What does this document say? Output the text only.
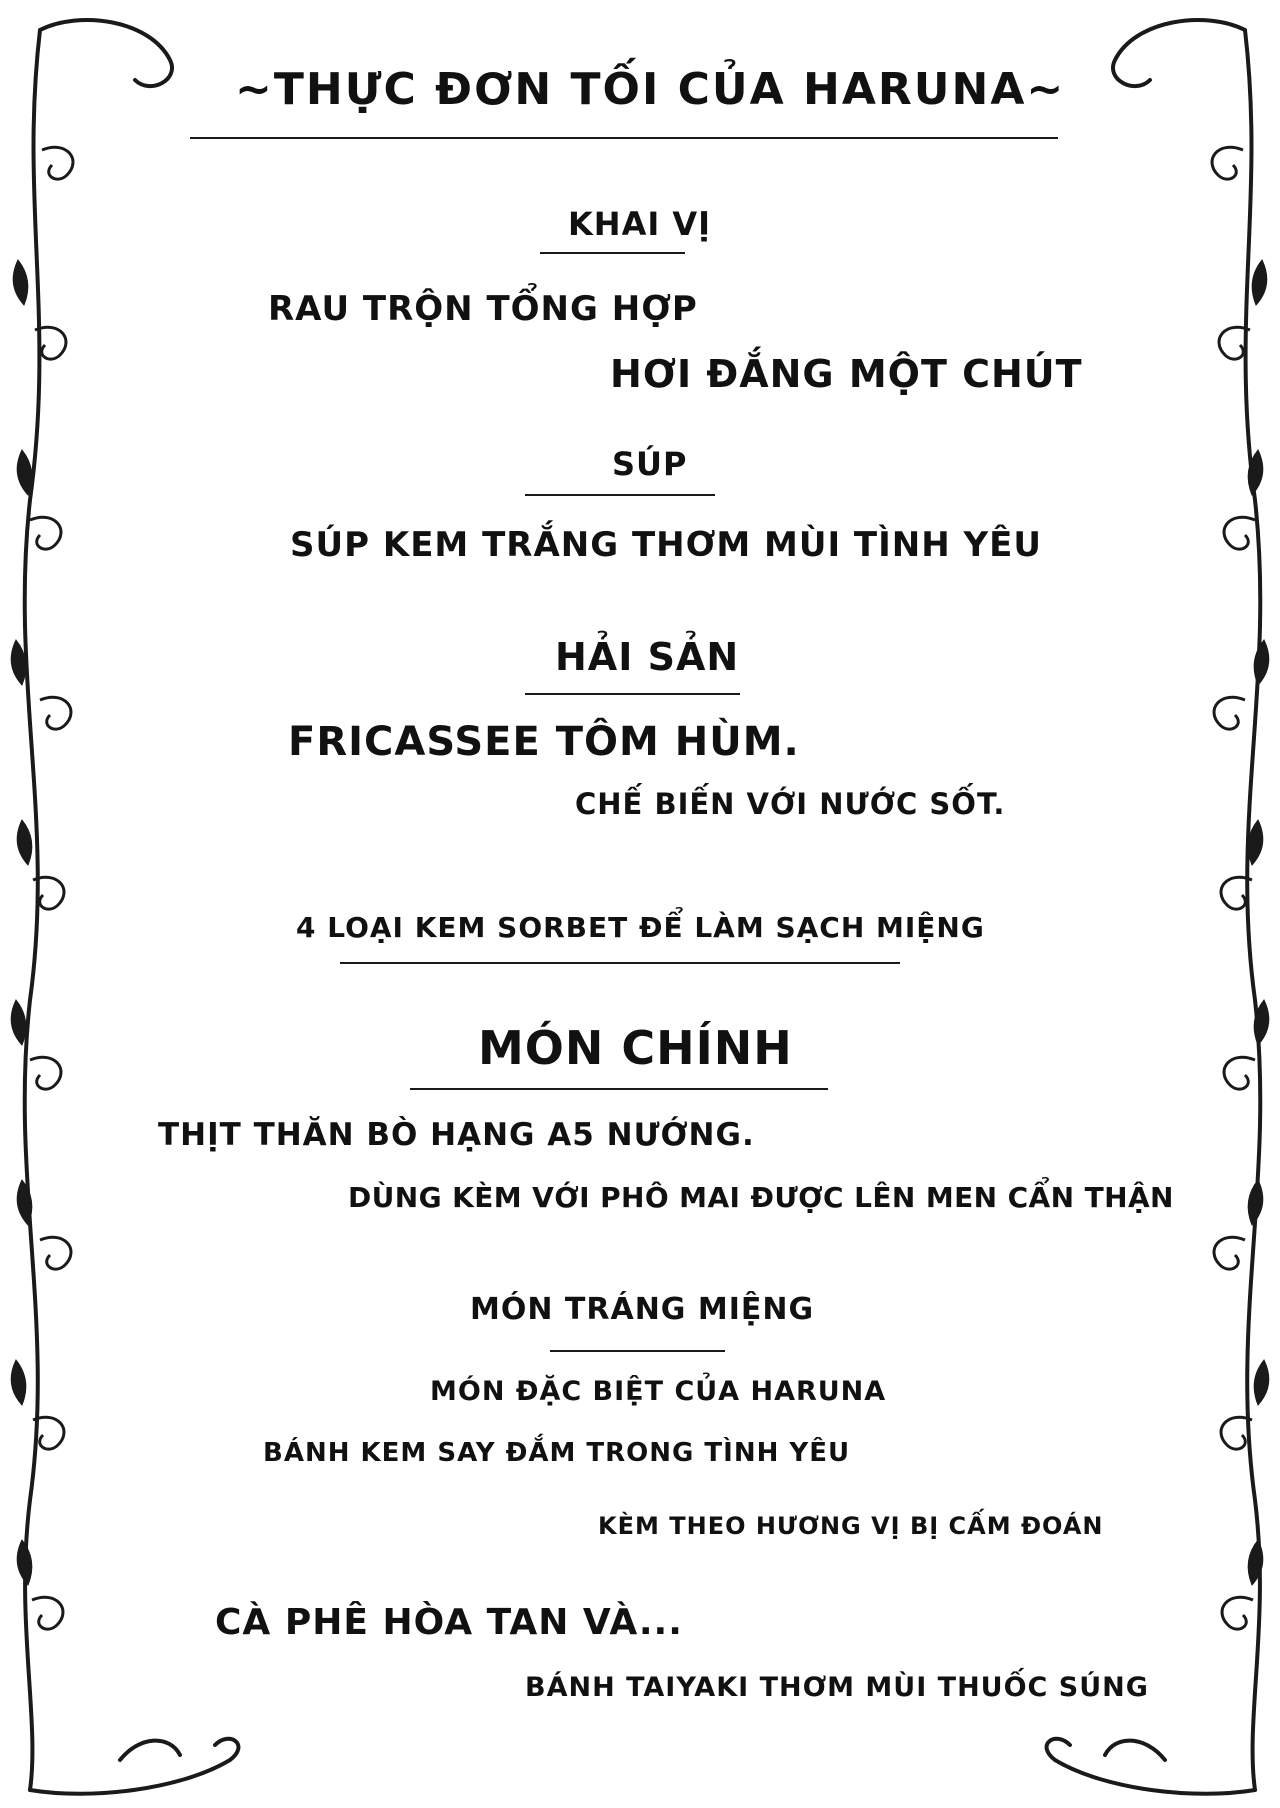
~THỰC ĐƠN TỐI CỦA HARUNA~
KHAI VỊ
RAU TRỘN TỔNG HỢP
HƠI ĐẮNG MỘT CHÚT
SÚP
SÚP KEM TRẮNG THƠM MÙI TÌNH YÊU
HẢI SẢN
FRICASSEE TÔM HÙM.
CHẾ BIẾN VỚI NƯỚC SỐT.
4 LOẠI KEM SORBET ĐỂ LÀM SẠCH MIỆNG
MÓN CHÍNH
THỊT THĂN BÒ HẠNG A5 NƯỚNG.
DÙNG KÈM VỚI PHÔ MAI ĐƯỢC LÊN MEN CẨN THẬN
MÓN TRÁNG MIỆNG
MÓN ĐẶC BIỆT CỦA HARUNA
BÁNH KEM SAY ĐẮM TRONG TÌNH YÊU
KÈM THEO HƯƠNG VỊ BỊ CẤM ĐOÁN
CÀ PHÊ HÒA TAN VÀ...
BÁNH TAIYAKI THƠM MÙI THUỐC SÚNG
